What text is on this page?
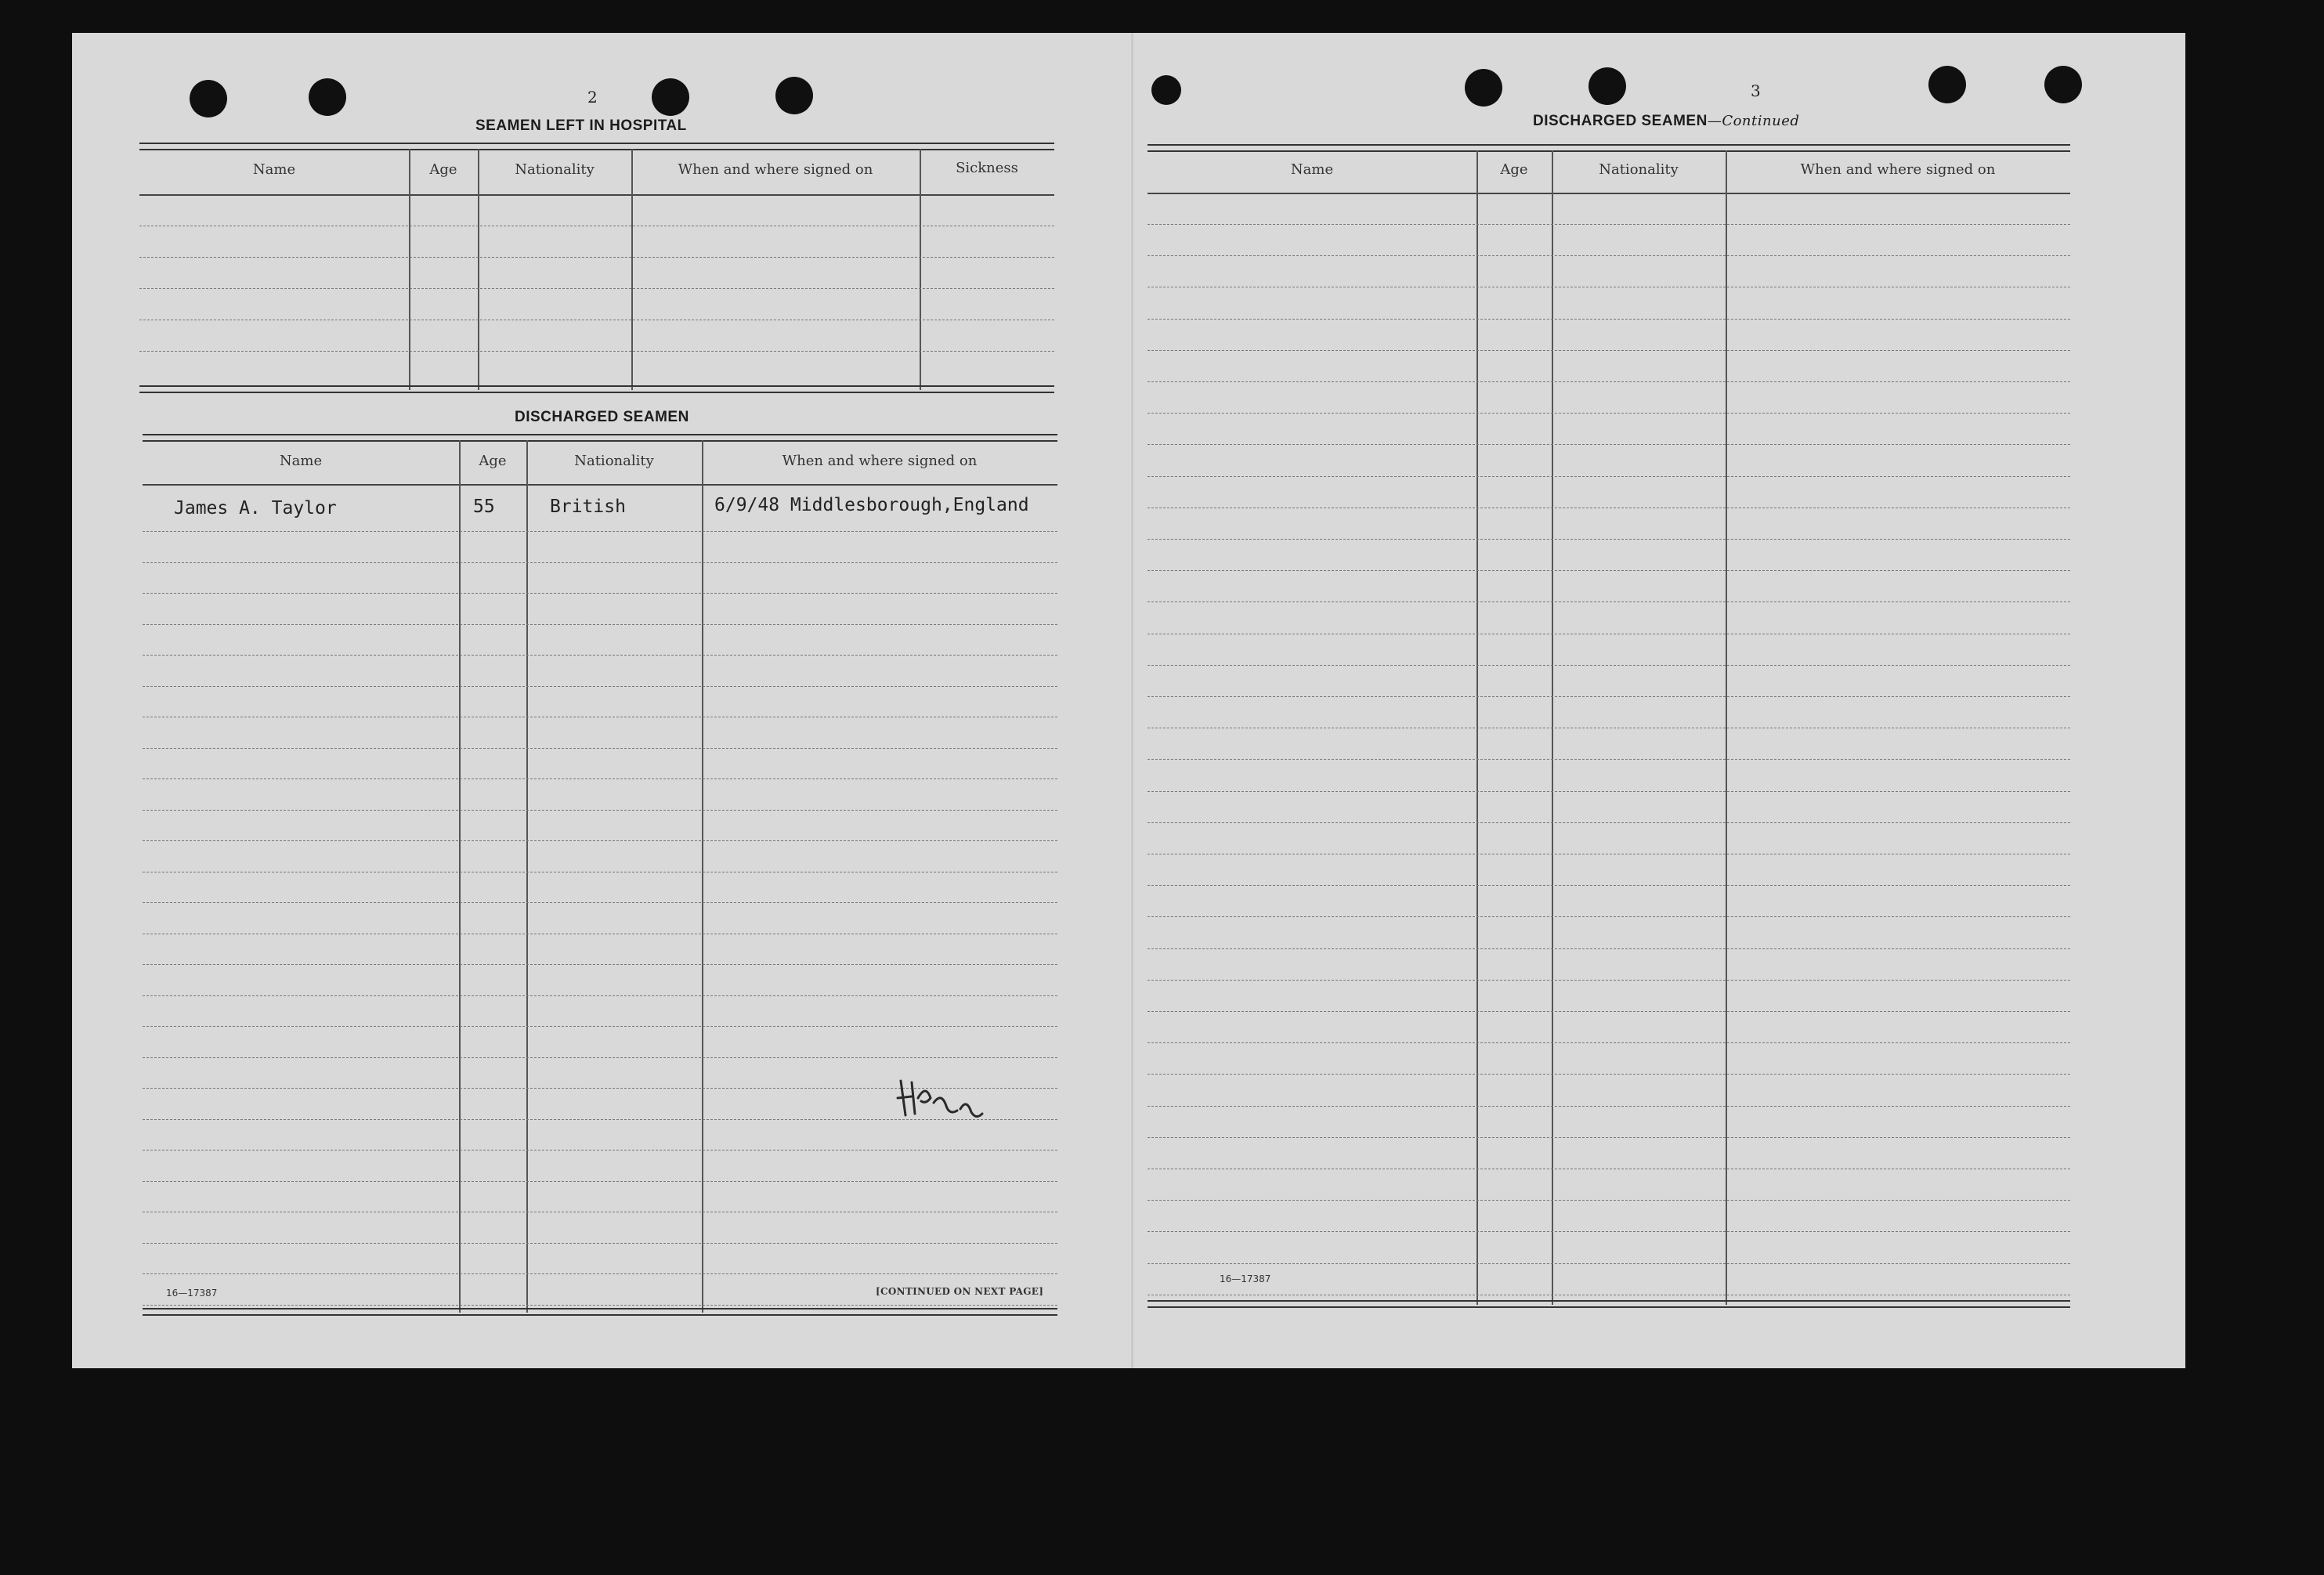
2
SEAMEN LEFT IN HOSPITAL
Name	Age	Nationality	When and where signed on	Sickness
DISCHARGED SEAMEN
Name	Age	Nationality	When and where signed on
James A. Taylor	55	British	6/9/48 Middlesborough,England
16—17387	[CONTINUED ON NEXT PAGE]
3
DISCHARGED SEAMEN—Continued
Name	Age	Nationality	When and where signed on
16—17387
